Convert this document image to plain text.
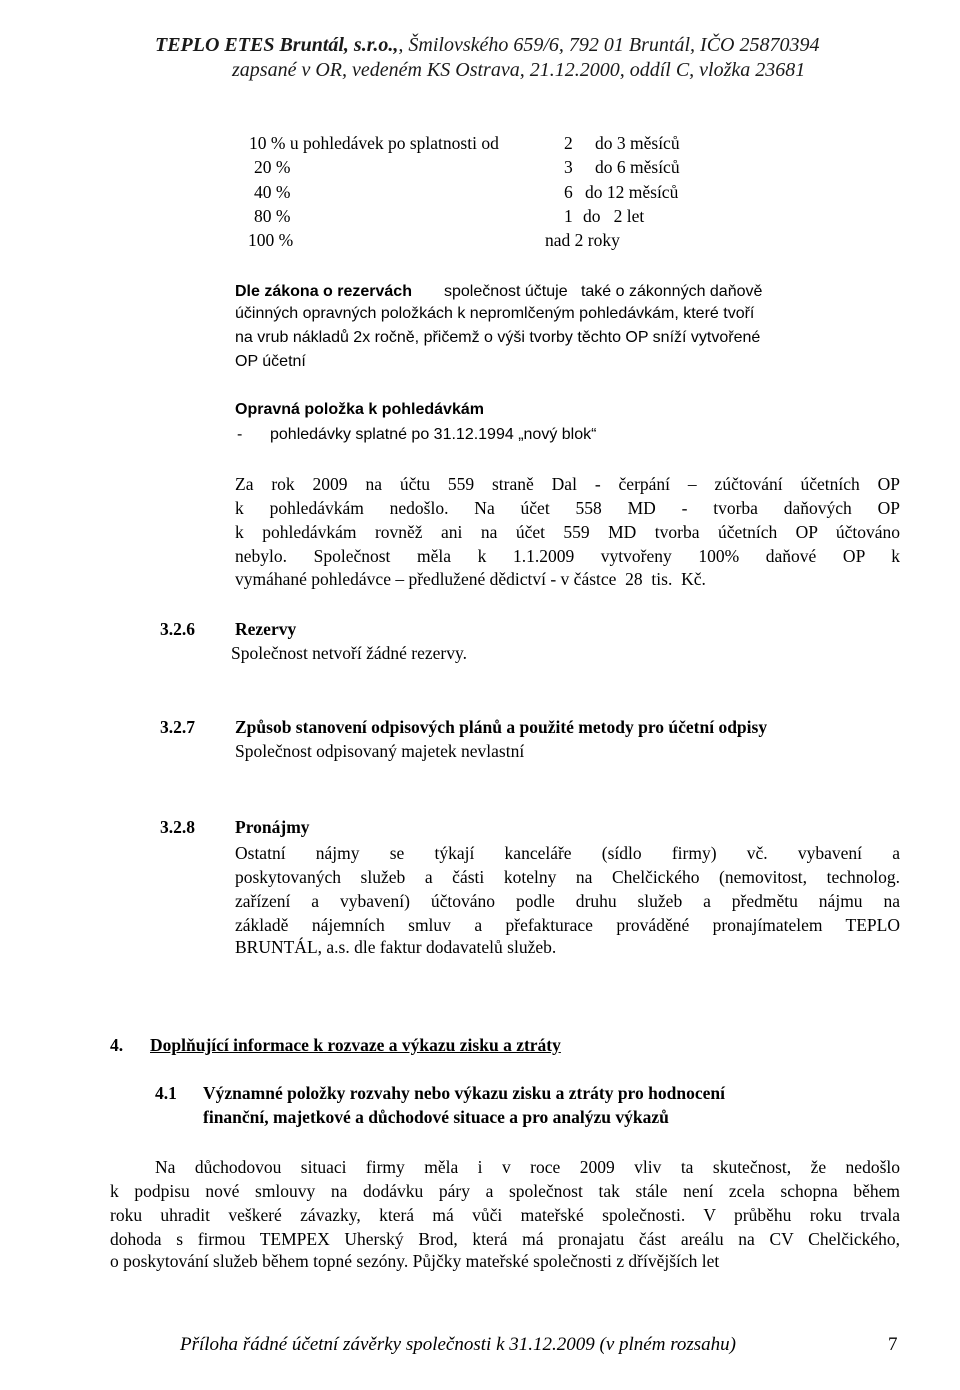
TEPLO ETES Bruntál, s.r.o.,, Šmilovského 659/6, 792 01 Bruntál, IČO 25870394
zapsané v OR, vedeném KS Ostrava, 21.12.2000, oddíl C, vložka 23681
10 % u pohledávek po splatnosti od	2 do 3 měsíců
20 %	3 do 6 měsíců
40 %	6 do 12 měsíců
80 %	1 do   2 let
100 %	nad 2 roky
Dle zákona o rezervách společnost účtuje   také o zákonných daňově
účinných opravných položkách k nepromlčeným pohledávkám, které tvoří
na vrub nákladů 2x ročně, přičemž o výši tvorby těchto OP sníží vytvořené
OP účetní
Opravná položka k pohledávkám
- pohledávky splatné po 31.12.1994 „nový blok“
Za rok 2009 na účtu 559 straně Dal - čerpání – zúčtování účetních OP
k pohledávkám nedošlo. Na účet 558 MD - tvorba daňových OP
k pohledávkám rovněž ani na účet 559 MD tvorba účetních OP účtováno
nebylo. Společnost měla k 1.1.2009 vytvořeny 100% daňové OP k
vymáhané pohledávce – předlužené dědictví - v částce  28  tis.  Kč.
3.2.6 Rezervy
Společnost netvoří žádné rezervy.
3.2.7 Způsob stanovení odpisových plánů a použité metody pro účetní odpisy
Společnost odpisovaný majetek nevlastní
3.2.8 Pronájmy
Ostatní nájmy se týkají kanceláře (sídlo firmy) vč. vybavení a
poskytovaných služeb a části kotelny na Chelčického (nemovitost, technolog.
zařízení a vybavení) účtováno podle druhu služeb a předmětu nájmu na
základě nájemních smluv a přefakturace prováděné pronajímatelem TEPLO
BRUNTÁL, a.s. dle faktur dodavatelů služeb.
4. Doplňující informace k rozvaze a výkazu zisku a ztráty
4.1 Významné položky rozvahy nebo výkazu zisku a ztráty pro hodnocení
finanční, majetkové a důchodové situace a pro analýzu výkazů
Na důchodovou situaci firmy měla i v roce 2009 vliv ta skutečnost, že nedošlo
k podpisu nové smlouvy na dodávku páry a společnost tak stále není zcela schopna během
roku uhradit veškeré závazky, která má vůči mateřské společnosti. V průběhu roku trvala
dohoda s firmou TEMPEX Uherský Brod, která má pronajatu část areálu na CV Chelčického,
o poskytování služeb během topné sezóny. Půjčky mateřské společnosti z dřívějších let
Příloha řádné účetní závěrky společnosti k 31.12.2009 (v plném rozsahu)	7
